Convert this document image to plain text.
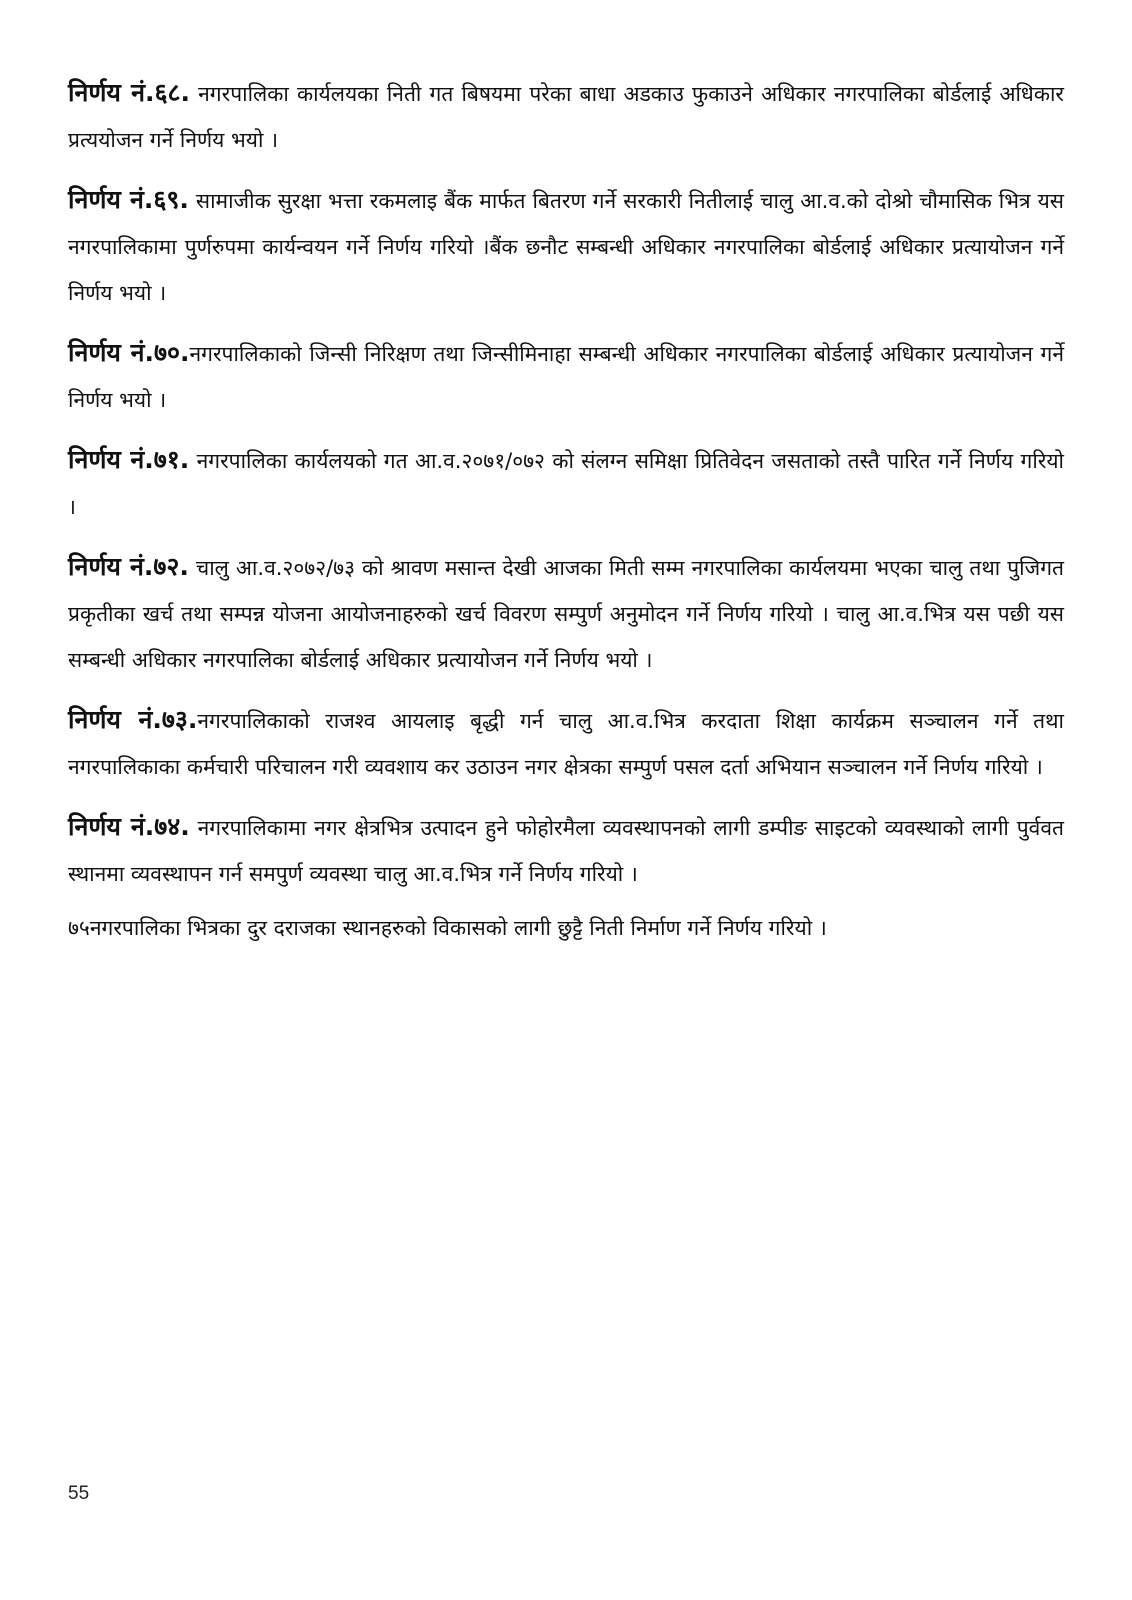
निर्णय नं.६८. नगरपालिका कार्यलयका निती गत बिषयमा परेका बाधा अडकाउ फुकाउने अधिकार नगरपालिका बोर्डलाई अधिकार प्रत्ययोजन गर्ने निर्णय भयो ।

निर्णय नं.६९. सामाजीक सुरक्षा भत्ता रकमलाइ बैंक मार्फत बितरण गर्ने सरकारी नितीलाई चालु आ.व.को दोश्रो चौमासिक भित्र यस नगरपालिकामा पुर्णरुपमा कार्यन्वयन गर्ने निर्णय गरियो ।बैंक छनौट सम्बन्धी अधिकार नगरपालिका बोर्डलाई अधिकार प्रत्यायोजन गर्ने निर्णय भयो ।

निर्णय नं.७०.नगरपालिकाको जिन्सी निरिक्षण तथा जिन्सीमिनाहा सम्बन्धी अधिकार नगरपालिका बोर्डलाई अधिकार प्रत्यायोजन गर्ने निर्णय भयो ।

निर्णय नं.७१. नगरपालिका कार्यलयको गत आ.व.२०७१/०७२ को संलग्न समिक्षा प्रितिवेदन जसताको तस्तै पारित गर्ने निर्णय गरियो ।

निर्णय नं.७२. चालु आ.व.२०७२/७३ को श्रावण मसान्त देखी आजका मिती सम्म नगरपालिका कार्यलयमा भएका चालु तथा पुजिगत प्रकृतीका खर्च तथा सम्पन्न योजना आयोजनाहरुको खर्च विवरण सम्पुर्ण अनुमोदन गर्ने निर्णय गरियो । चालु आ.व.भित्र यस पछी यस सम्बन्धी अधिकार नगरपालिका बोर्डलाई अधिकार प्रत्यायोजन गर्ने निर्णय भयो ।

निर्णय नं.७३.नगरपालिकाको राजश्व आयलाइ बृद्धी गर्न चालु आ.व.भित्र करदाता शिक्षा कार्यक्रम सञ्चालन गर्ने तथा नगरपालिकाका कर्मचारी परिचालन गरी व्यवशाय कर उठाउन नगर क्षेत्रका सम्पुर्ण पसल दर्ता अभियान सञ्चालन गर्ने निर्णय गरियो ।

निर्णय नं.७४. नगरपालिकामा नगर क्षेत्रभित्र उत्पादन हुने फोहोरमैला व्यवस्थापनको लागी डम्पीङ साइटको व्यवस्थाको लागी पुर्ववत स्थानमा व्यवस्थापन गर्न समपुर्ण व्यवस्था चालु आ.व.भित्र गर्ने निर्णय गरियो ।

७५नगरपालिका भित्रका दुर दराजका स्थानहरुको विकासको लागी छुट्टै निती निर्माण गर्ने निर्णय गरियो ।

55
